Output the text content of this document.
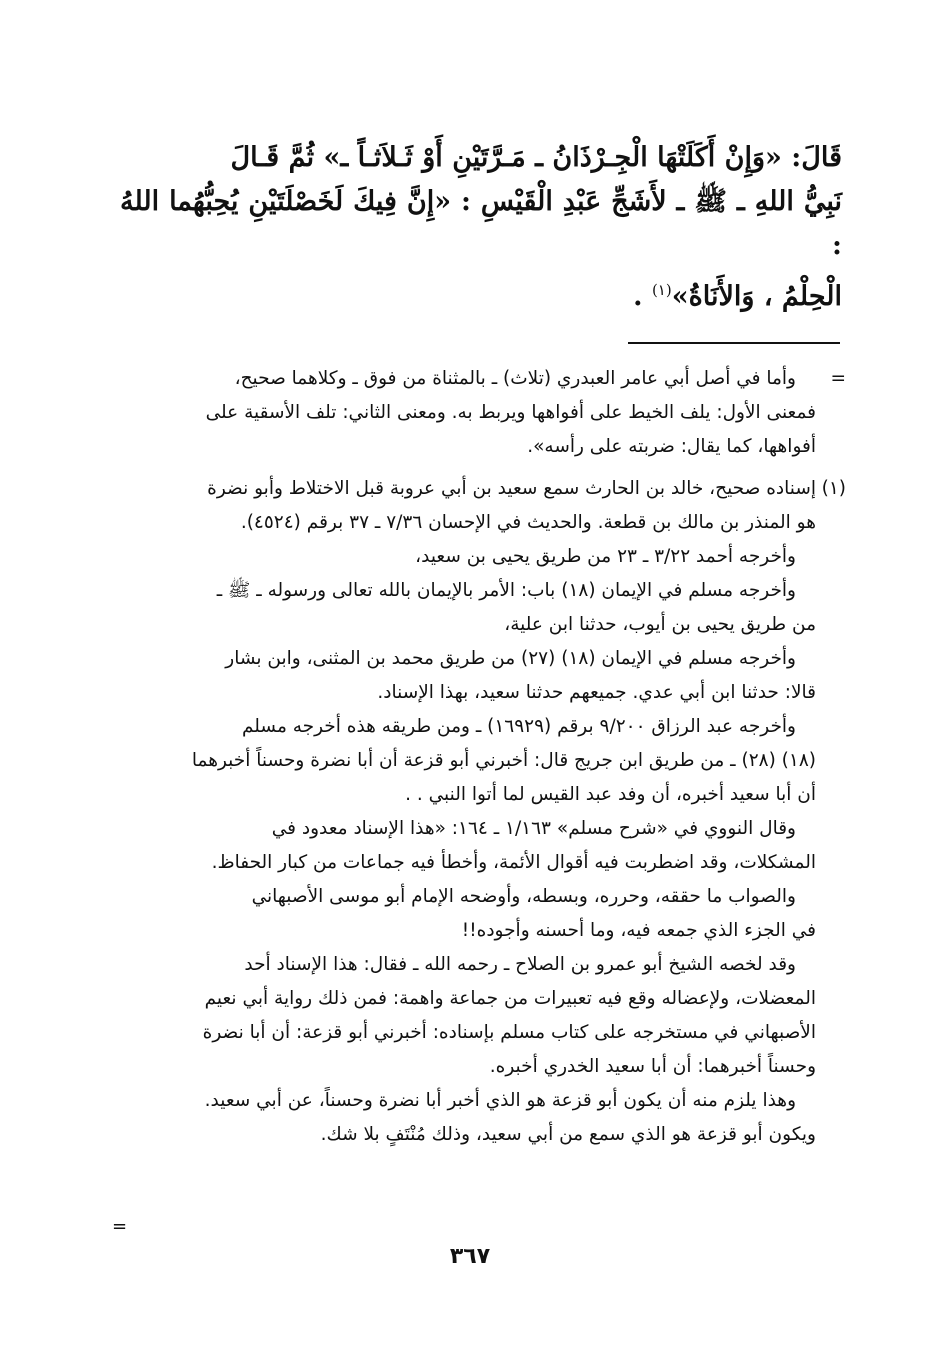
قَالَ: «وَإِنْ أَكَلَتْهَا الْجِـرْذَانُ ـ مَـرَّتَيْنِ أَوْ ثَـلاَثـاً ـ» ثُمَّ قَـالَ
نَبِيُّ اللهِ ـ ﷺ ـ لأَشَجِّ عَبْدِ الْقَيْسِ : «إِنَّ فِيكَ لَخَصْلَتَيْنِ يُحِبُّهُما اللهُ :
الْحِلْمُ ، وَالأَنَاةُ»$^{(١)}$ .
=

وأما في أصل أبي عامر العبدري (تلاث) ـ بالمثناة من فوق ـ وكلاهما صحيح،

فمعنى الأول: يلف الخيط على أفواهها ويربط به. ومعنى الثاني: تلف الأسقية على

أفواهها، كما يقال: ضربته على رأسه».

(١)

إسناده صحيح، خالد بن الحارث سمع سعيد بن أبي عروبة قبل الاختلاط وأبو نضرة

هو المنذر بن مالك بن قطعة. والحديث في الإحسان ٧/٣٦ ـ ٣٧ برقم (٤٥٢٤).

وأخرجه أحمد ٣/٢٢ ـ ٢٣ من طريق يحيى بن سعيد،

وأخرجه مسلم في الإيمان (١٨) باب: الأمر بالإيمان بالله تعالى ورسوله ـ ﷺ ـ

من طريق يحيى بن أيوب، حدثنا ابن علية،

وأخرجه مسلم في الإيمان (١٨) (٢٧) من طريق محمد بن المثنى، وابن بشار

قالا: حدثنا ابن أبي عدي. جميعهم حدثنا سعيد، بهذا الإسناد.

وأخرجه عبد الرزاق ٩/٢٠٠ برقم (١٦٩٢٩) ـ ومن طريقه هذه أخرجه مسلم

(١٨) (٢٨) ـ من طريق ابن جريج قال: أخبرني أبو قزعة أن أبا نضرة وحسناً أخبرهما

أن أبا سعيد أخبره، أن وفد عبد القيس لما أتوا النبي . .

وقال النووي في «شرح مسلم» ١/١٦٣ ـ ١٦٤: «هذا الإسناد معدود في

المشكلات، وقد اضطربت فيه أقوال الأئمة، وأخطأ فيه جماعات من كبار الحفاظ.

والصواب ما حققه، وحرره، وبسطه، وأوضحه الإمام أبو موسى الأصبهاني

في الجزء الذي جمعه فيه، وما أحسنه وأجوده!!

وقد لخصه الشيخ أبو عمرو بن الصلاح ـ رحمه الله ـ فقال: هذا الإسناد أحد

المعضلات، ولإعضاله وقع فيه تعبيرات من جماعة واهمة: فمن ذلك رواية أبي نعيم

الأصبهاني في مستخرجه على كتاب مسلم بإسناده: أخبرني أبو قزعة: أن أبا نضرة

وحسناً أخبرهما: أن أبا سعيد الخدري أخبره.

وهذا يلزم منه أن يكون أبو قزعة هو الذي أخبر أبا نضرة وحسناً، عن أبي سعيد.

ويكون أبو قزعة هو الذي سمع من أبي سعيد، وذلك مُنْتَفٍ بلا شك.

=
٣٦٧
